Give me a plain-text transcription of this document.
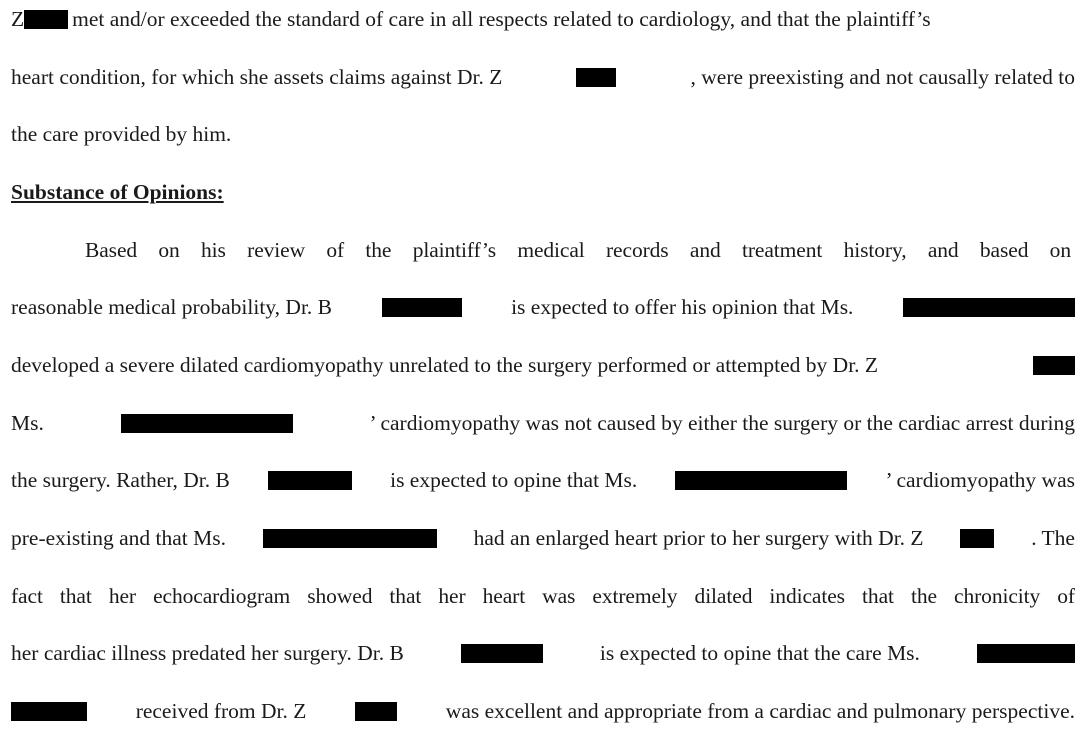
Z met and/or exceeded the standard of care in all respects related to cardiology, and that the plaintiff’s
heart condition, for which she assets claims against Dr. Z	, were preexisting and not causally related to
the care provided by him.
Substance of Opinions:
Based on his review of the plaintiff’s medical records and treatment history, and based on
reasonable medical probability, Dr. B	is expected to offer his opinion that Ms.
developed a severe dilated cardiomyopathy unrelated to the surgery performed or attempted by Dr. Z
Ms.	’ cardiomyopathy was not caused by either the surgery or the cardiac arrest during
the surgery. Rather, Dr. B	is expected to opine that Ms.	’ cardiomyopathy was
pre-existing and that Ms.	had an enlarged heart prior to her surgery with Dr. Z	. The
fact that her echocardiogram showed that her heart was extremely dilated indicates that the chronicity of
her cardiac illness predated her surgery. Dr. B	is expected to opine that the care Ms.
received from Dr. Z	was excellent and appropriate from a cardiac and pulmonary perspective.
